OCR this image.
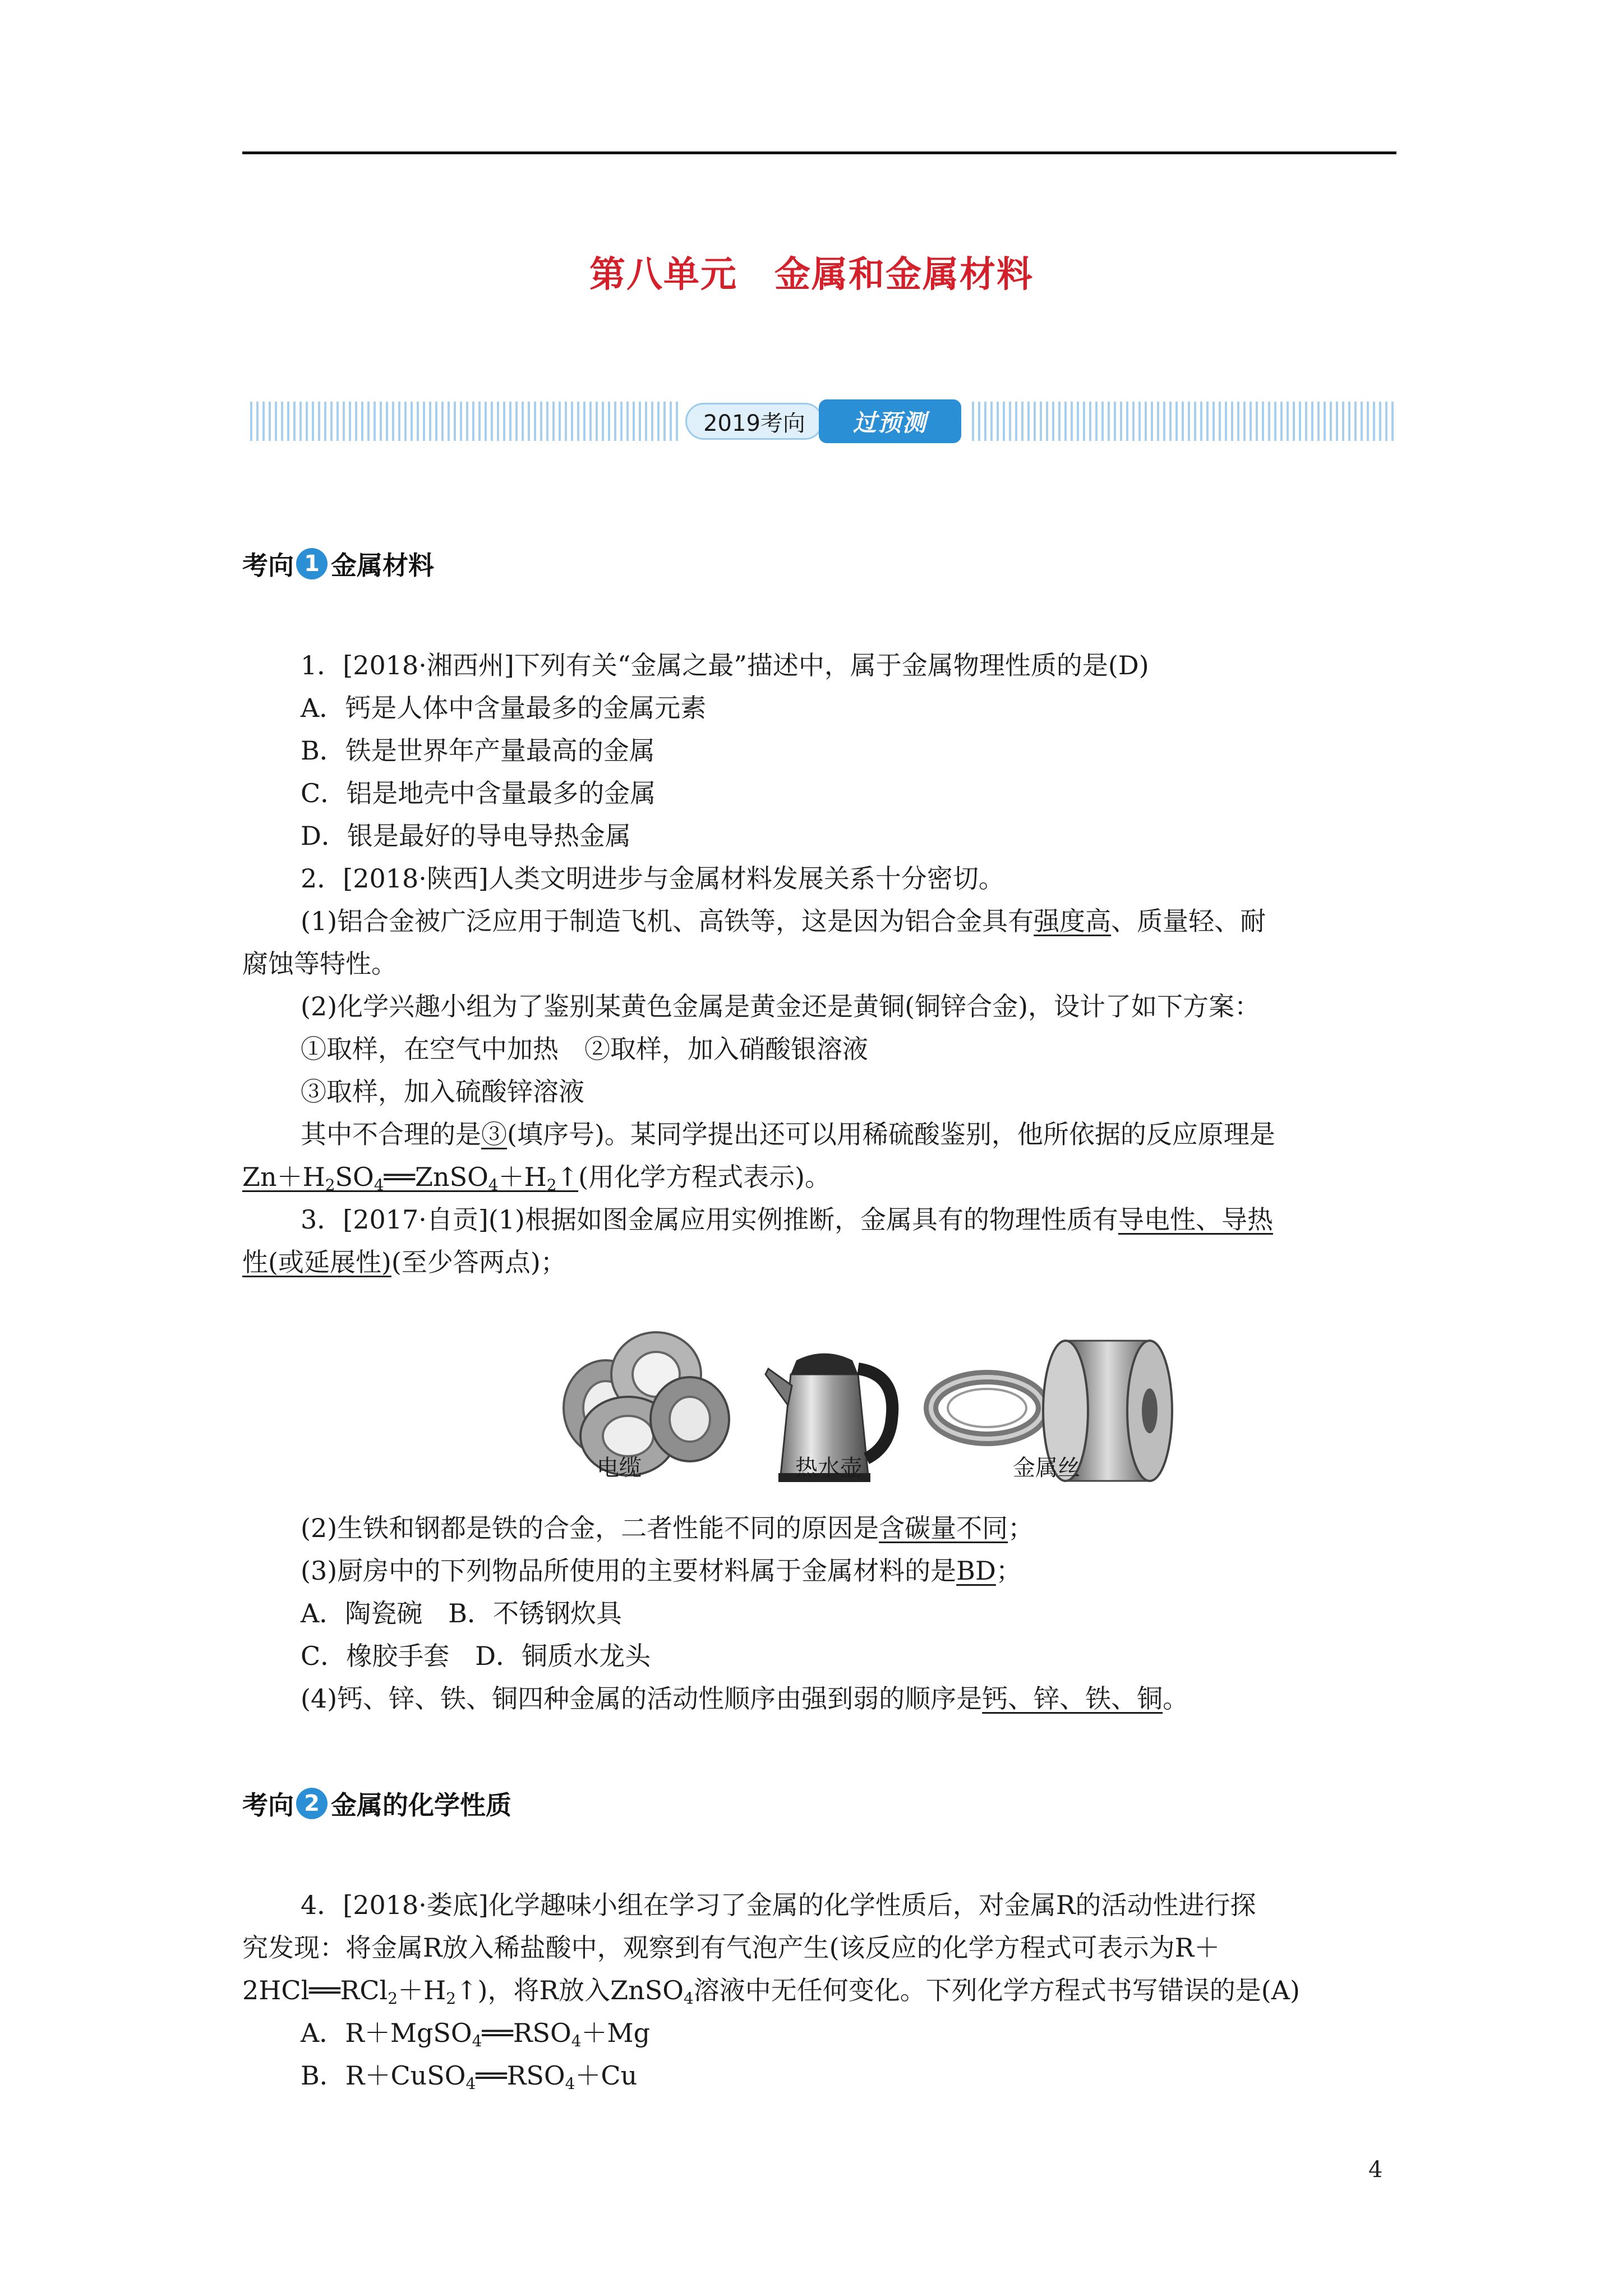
第八单元　金属和金属材料
2019考向	过预测
考向 1 金属材料
1．[2018·湘西州]下列有关“金属之最”描述中，属于金属物理性质的是(D)
A．钙是人体中含量最多的金属元素
B．铁是世界年产量最高的金属
C．铝是地壳中含量最多的金属
D．银是最好的导电导热金属
2．[2018·陕西]人类文明进步与金属材料发展关系十分密切。
(1)铝合金被广泛应用于制造飞机、高铁等，这是因为铝合金具有强度高、质量轻、耐
腐蚀等特性。
(2)化学兴趣小组为了鉴别某黄色金属是黄金还是黄铜(铜锌合金)，设计了如下方案：
①取样，在空气中加热　②取样，加入硝酸银溶液
③取样，加入硫酸锌溶液
其中不合理的是③(填序号)。某同学提出还可以用稀硫酸鉴别，他所依据的反应原理是
$Zn+H_2SO_4══ZnSO_4+H_2↑$(用化学方程式表示)。
3．[2017·自贡](1)根据如图金属应用实例推断，金属具有的物理性质有导电性、导热
性(或延展性)(至少答两点)；
电缆	热水壶	金属丝
(2)生铁和钢都是铁的合金，二者性能不同的原因是含碳量不同；
(3)厨房中的下列物品所使用的主要材料属于金属材料的是BD；
A．陶瓷碗　B．不锈钢炊具
C．橡胶手套　D．铜质水龙头
(4)钙、锌、铁、铜四种金属的活动性顺序由强到弱的顺序是钙、锌、铁、铜。
考向 2 金属的化学性质
4．[2018·娄底]化学趣味小组在学习了金属的化学性质后，对金属R的活动性进行探
究发现：将金属R放入稀盐酸中，观察到有气泡产生(该反应的化学方程式可表示为R＋
$2HCl══RCl_2+H_2↑$)，将R放入ZnSO$_4$溶液中无任何变化。下列化学方程式书写错误的是(A)
A．$R+MgSO_4══RSO_4+Mg$
B．$R+CuSO_4══RSO_4+Cu$
4
